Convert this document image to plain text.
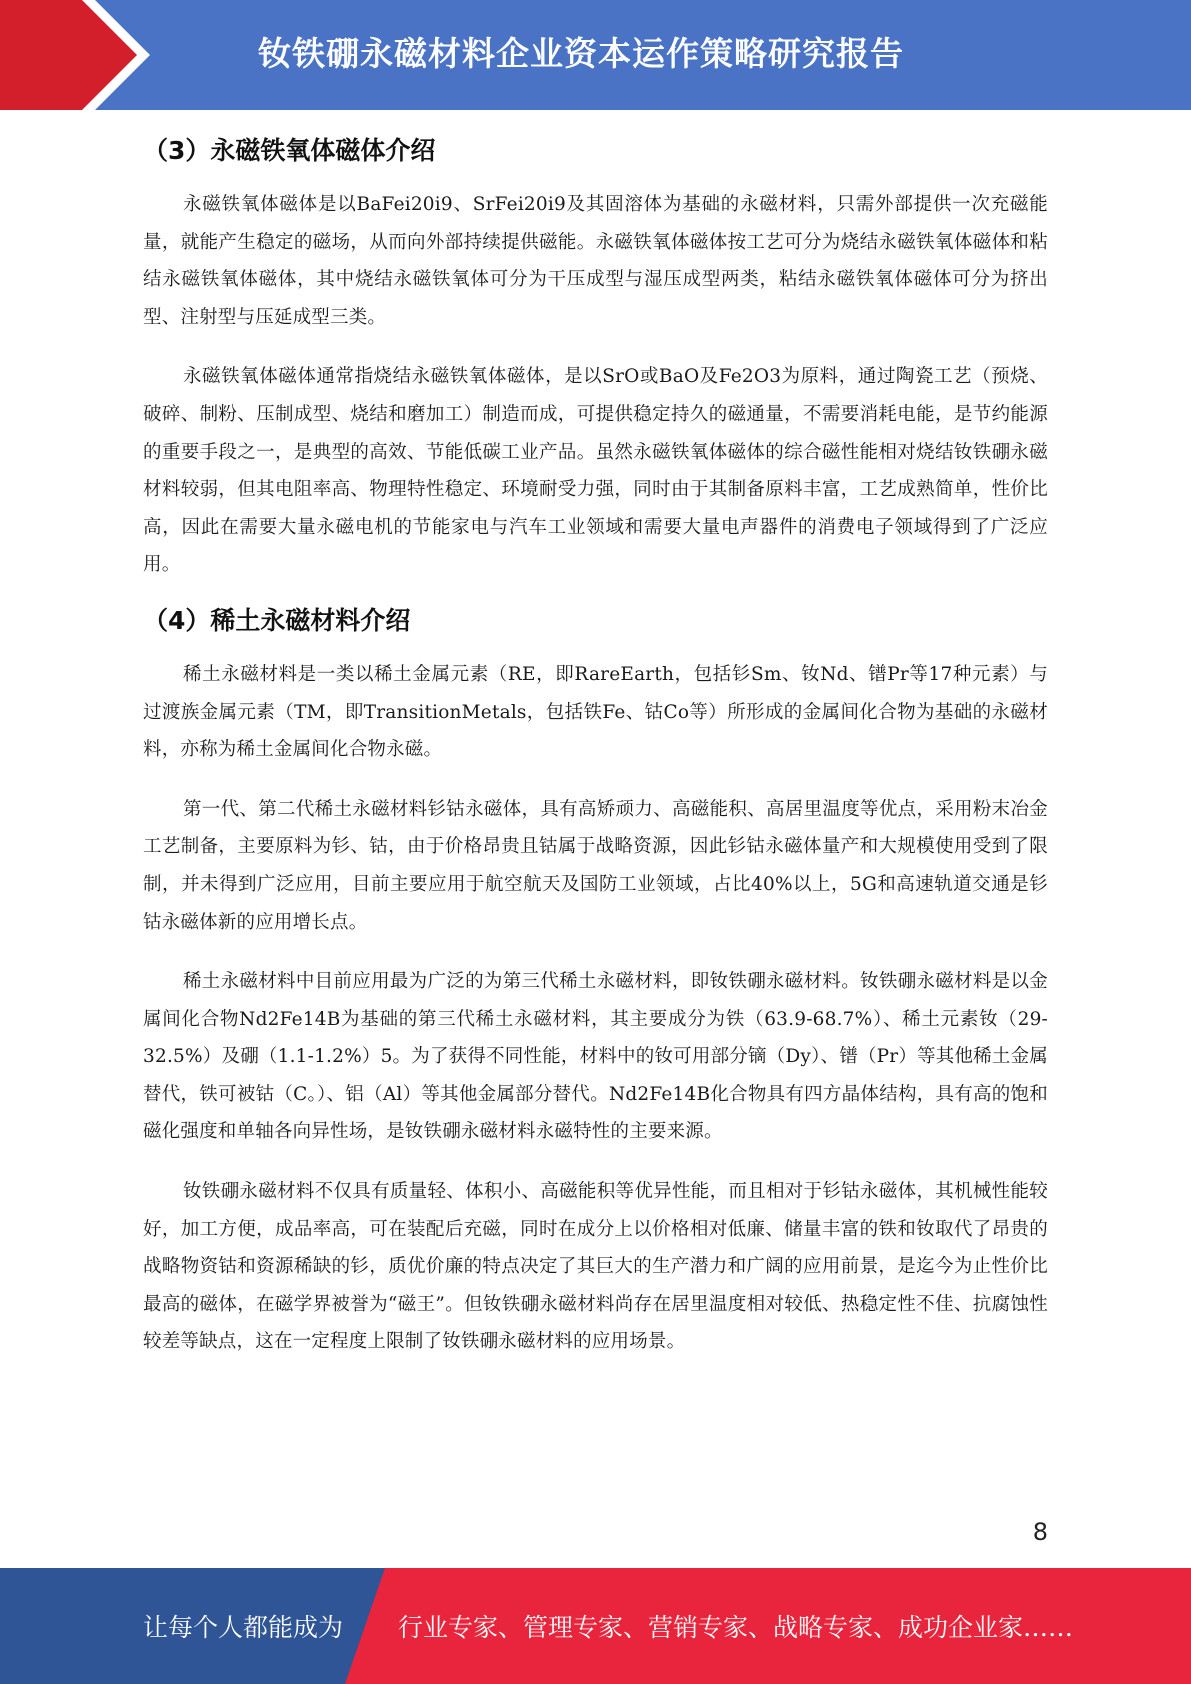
钕铁硼永磁材料企业资本运作策略研究报告
（3）永磁铁氧体磁体介绍

永磁铁氧体磁体是以BaFei20i9、SrFei20i9及其固溶体为基础的永磁材料，只需外部提供一次充磁能量，就能产生稳定的磁场，从而向外部持续提供磁能。永磁铁氧体磁体按工艺可分为烧结永磁铁氧体磁体和粘结永磁铁氧体磁体，其中烧结永磁铁氧体可分为干压成型与湿压成型两类，粘结永磁铁氧体磁体可分为挤出型、注射型与压延成型三类。

永磁铁氧体磁体通常指烧结永磁铁氧体磁体，是以SrO或BaO及Fe2O3为原料，通过陶瓷工艺（预烧、破碎、制粉、压制成型、烧结和磨加工）制造而成，可提供稳定持久的磁通量，不需要消耗电能，是节约能源的重要手段之一，是典型的高效、节能低碳工业产品。虽然永磁铁氧体磁体的综合磁性能相对烧结钕铁硼永磁材料较弱，但其电阻率高、物理特性稳定、环境耐受力强，同时由于其制备原料丰富，工艺成熟简单，性价比高，因此在需要大量永磁电机的节能家电与汽车工业领域和需要大量电声器件的消费电子领域得到了广泛应用。

（4）稀土永磁材料介绍

稀土永磁材料是一类以稀土金属元素（RE，即RareEarth，包括钐Sm、钕Nd、镨Pr等17种元素）与过渡族金属元素（TM，即TransitionMetals，包括铁Fe、钴Co等）所形成的金属间化合物为基础的永磁材料，亦称为稀土金属间化合物永磁。

第一代、第二代稀土永磁材料钐钴永磁体，具有高矫顽力、高磁能积、高居里温度等优点，采用粉末冶金工艺制备，主要原料为钐、钴，由于价格昂贵且钴属于战略资源，因此钐钴永磁体量产和大规模使用受到了限制，并未得到广泛应用，目前主要应用于航空航天及国防工业领域，占比40%以上，5G和高速轨道交通是钐钴永磁体新的应用增长点。

稀土永磁材料中目前应用最为广泛的为第三代稀土永磁材料，即钕铁硼永磁材料。钕铁硼永磁材料是以金属间化合物Nd2Fe14B为基础的第三代稀土永磁材料，其主要成分为铁（63.9-68.7%）、稀土元素钕（29-32.5%）及硼（1.1-1.2%）5。为了获得不同性能，材料中的钕可用部分镝（Dy）、镨（Pr）等其他稀土金属替代，铁可被钴（C。）、铝（Al）等其他金属部分替代。Nd2Fe14B化合物具有四方晶体结构，具有高的饱和磁化强度和单轴各向异性场，是钕铁硼永磁材料永磁特性的主要来源。

钕铁硼永磁材料不仅具有质量轻、体积小、高磁能积等优异性能，而且相对于钐钴永磁体，其机械性能较好，加工方便，成品率高，可在装配后充磁，同时在成分上以价格相对低廉、储量丰富的铁和钕取代了昂贵的战略物资钴和资源稀缺的钐，质优价廉的特点决定了其巨大的生产潜力和广阔的应用前景，是迄今为止性价比最高的磁体，在磁学界被誉为“磁王”。但钕铁硼永磁材料尚存在居里温度相对较低、热稳定性不佳、抗腐蚀性较差等缺点，这在一定程度上限制了钕铁硼永磁材料的应用场景。

8
让每个人都能成为 行业专家、管理专家、营销专家、战略专家、成功企业家……
